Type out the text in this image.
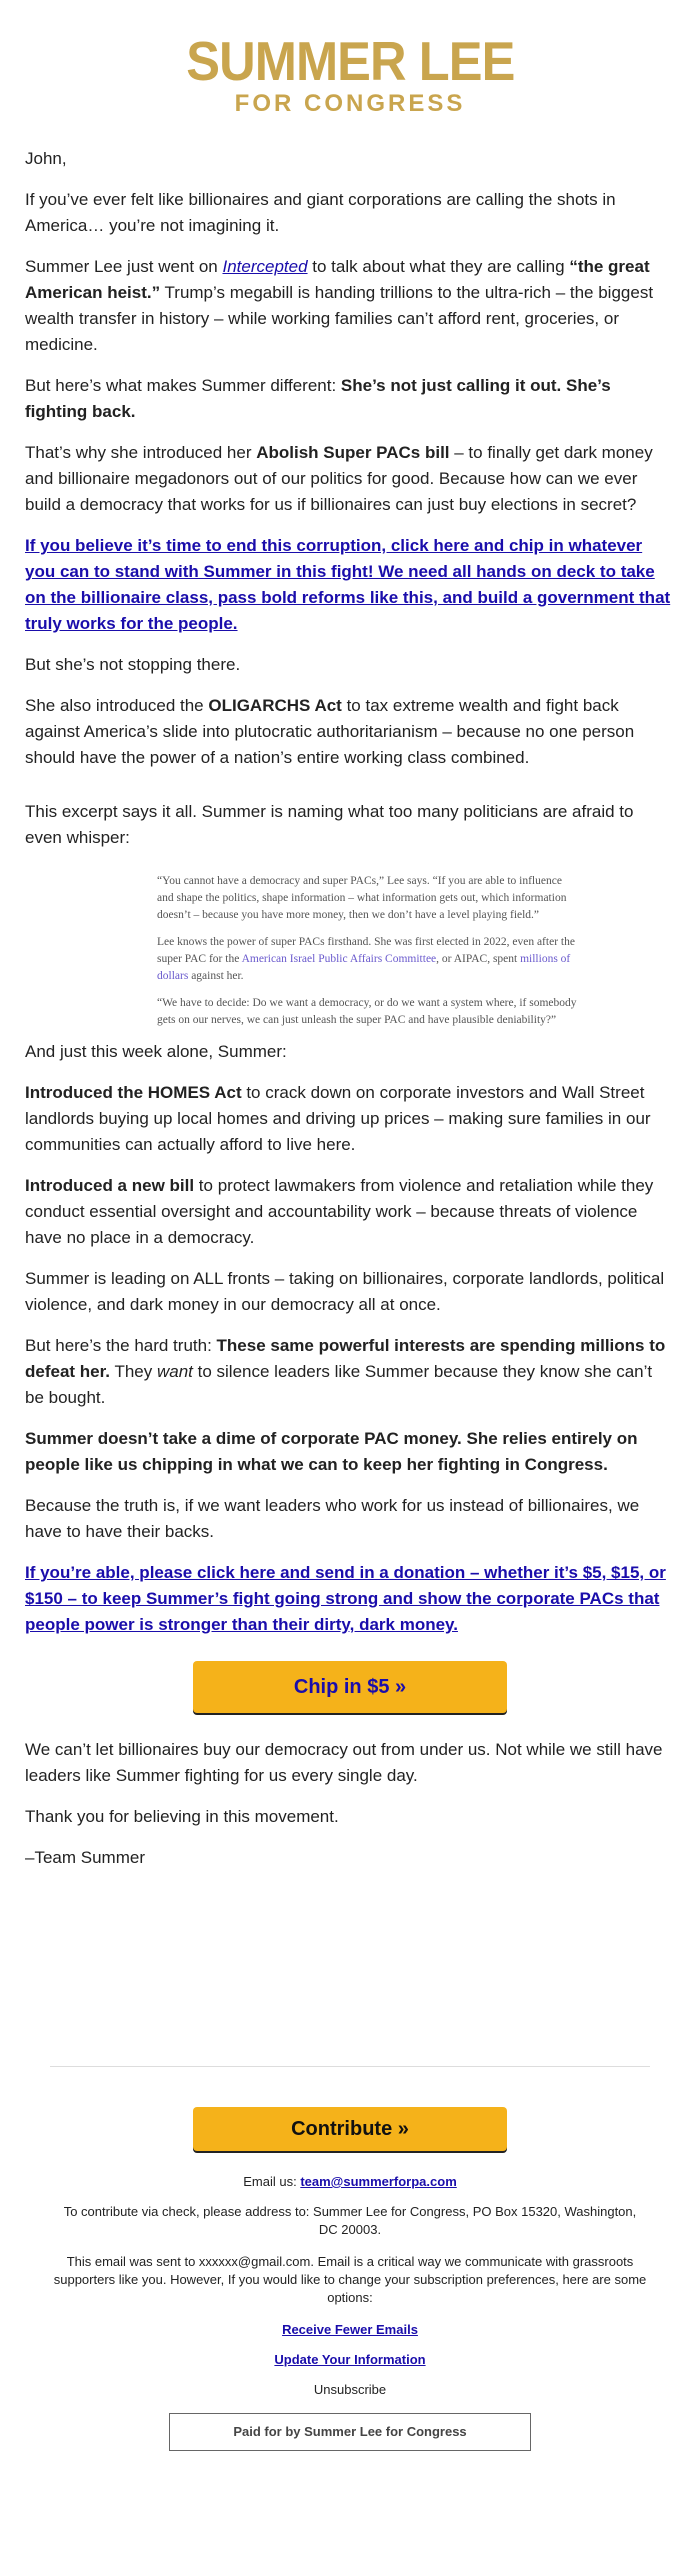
SUMMER LEE
FOR CONGRESS

John,

If you’ve ever felt like billionaires and giant corporations are calling the shots in America… you’re not imagining it.

Summer Lee just went on Intercepted to talk about what they are calling “the great American heist.” Trump’s megabill is handing trillions to the ultra-rich – the biggest wealth transfer in history – while working families can’t afford rent, groceries, or medicine.

But here’s what makes Summer different: She’s not just calling it out. She’s fighting back.

That’s why she introduced her Abolish Super PACs bill – to finally get dark money and billionaire megadonors out of our politics for good. Because how can we ever build a democracy that works for us if billionaires can just buy elections in secret?

If you believe it’s time to end this corruption, click here and chip in whatever you can to stand with Summer in this fight! We need all hands on deck to take on the billionaire class, pass bold reforms like this, and build a government that truly works for the people.

But she’s not stopping there.

She also introduced the OLIGARCHS Act to tax extreme wealth and fight back against America’s slide into plutocratic authoritarianism – because no one person should have the power of a nation’s entire working class combined.

This excerpt says it all. Summer is naming what too many politicians are afraid to even whisper:

“You cannot have a democracy and super PACs,” Lee says. “If you are able to influence and shape the politics, shape information – what information gets out, which information doesn’t – because you have more money, then we don’t have a level playing field.”

Lee knows the power of super PACs firsthand. She was first elected in 2022, even after the super PAC for the American Israel Public Affairs Committee, or AIPAC, spent millions of dollars against her.

“We have to decide: Do we want a democracy, or do we want a system where, if somebody gets on our nerves, we can just unleash the super PAC and have plausible deniability?”

And just this week alone, Summer:

Introduced the HOMES Act to crack down on corporate investors and Wall Street landlords buying up local homes and driving up prices – making sure families in our communities can actually afford to live here.

Introduced a new bill to protect lawmakers from violence and retaliation while they conduct essential oversight and accountability work – because threats of violence have no place in a democracy.

Summer is leading on ALL fronts – taking on billionaires, corporate landlords, political violence, and dark money in our democracy all at once.

But here’s the hard truth: These same powerful interests are spending millions to defeat her. They want to silence leaders like Summer because they know she can’t be bought.

Summer doesn’t take a dime of corporate PAC money. She relies entirely on people like us chipping in what we can to keep her fighting in Congress.

Because the truth is, if we want leaders who work for us instead of billionaires, we have to have their backs.

If you’re able, please click here and send in a donation – whether it’s $5, $15, or $150 – to keep Summer’s fight going strong and show the corporate PACs that people power is stronger than their dirty, dark money.

Chip in $5 »

We can’t let billionaires buy our democracy out from under us. Not while we still have leaders like Summer fighting for us every single day.

Thank you for believing in this movement.

–Team Summer

Contribute »
Email us: team@summerforpa.com
To contribute via check, please address to: Summer Lee for Congress, PO Box 15320, Washington, DC 20003.
This email was sent to xxxxxx@gmail.com. Email is a critical way we communicate with grassroots supporters like you. However, If you would like to change your subscription preferences, here are some options:
Receive Fewer Emails
Update Your Information
Unsubscribe
Paid for by Summer Lee for Congress
